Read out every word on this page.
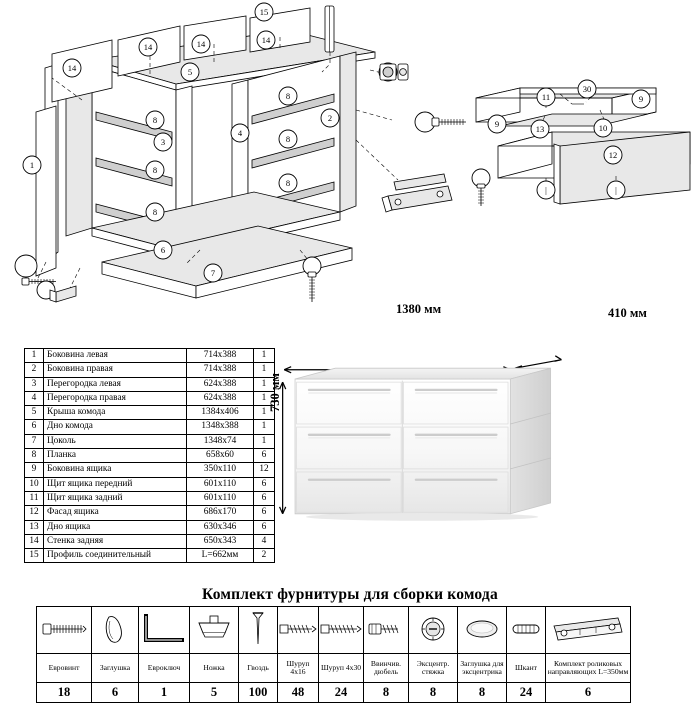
1
2
3
4
5
6
7
8
8
8
8
8
8
14
14	14	14
15
9
9
11
13	10
12
30
|	|
1	Боковина левая	714x388	1
2	Боковина правая	714x388	1
3	Перегородка левая	624x388	1
4	Перегородка правая	624x388	1
5	Крыша комода	1384x406	1
6	Дно комода	1348x388	1
7	Цоколь	1348x74	1
8	Планка	658x60	6
9	Боковина ящика	350x110	12
10	Щит ящика передний	601x110	6
11	Щит ящика задний	601x110	6
12	Фасад ящика	686x170	6
13	Дно ящика	630x346	6
14	Стенка задняя	650x343	4
15	Профиль соединительный	L=662мм	2
1380 мм	410 мм
730 мм
Комплект фурнитуры для сборки комода

Евровинт	Заглушка	Евроключ	Ножка	Гвоздь	Шуруп 4х16	Шуруп 4х30	Ввинчив. дюбель	Эксцентр. стяжка	Заглушка для эксцентрика	Шкант	Комплект роликовых направляющих L=350мм
18	6	1	5	100	48	24	8	8	8	24	6
